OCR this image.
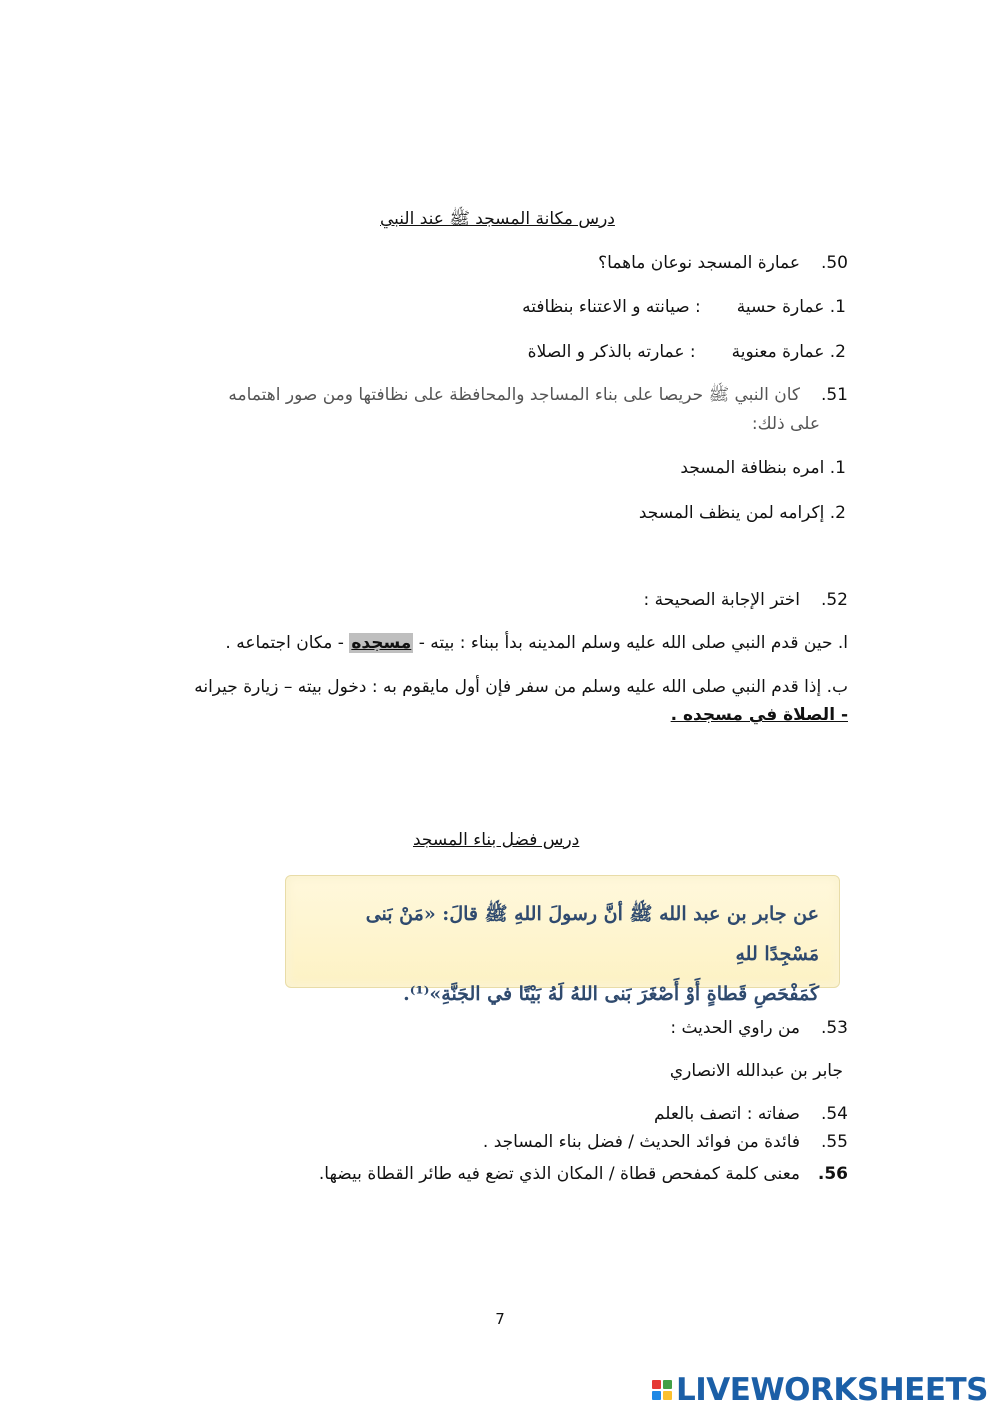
درس مكانة المسجد ﷺ عند النبي
50.عمارة المسجد نوعان ماهما؟
1. عمارة حسية: صيانته و الاعتناء بنظافته
2. عمارة معنوية: عمارته بالذكر و الصلاة
51.كان النبي ﷺ حريصا على بناء المساجد والمحافظة على نظافتها ومن صور اهتمامه
على ذلك:
1. امره بنظافة المسجد
2. إكرامه لمن ينظف المسجد
52.اختر الإجابة الصحيحة :
ا. حين قدم النبي صلى الله عليه وسلم المدينه بدأ ببناء : بيته - مسجده - مكان اجتماعه .
ب. إذا قدم النبي صلى الله عليه وسلم من سفر فإن أول مايقوم به : دخول بيته – زيارة جيرانه
- الصلاة في مسجده .
درس فضل بناء المسجد
عن جابر بن عبد الله ﷺ أنَّ رسولَ اللهِ ﷺ قالَ: «مَنْ بَنى مَسْجِدًا للهِ
كَمَفْحَصِ قَطاةٍ أَوْ أَصْغَرَ بَنى اللهُ لَهُ بَيْتًا في الجَنَّةِ»⁽¹⁾.
53.من راوي الحديث :
جابر بن عبدالله الانصاري
54.صفاته : اتصف بالعلم
55.فائدة من فوائد الحديث / فضل بناء المساجد .
56.معنى كلمة كمفحص قطاة / المكان الذي تضع فيه طائر القطاة بيضها.
7
LIVEWORKSHEETS
